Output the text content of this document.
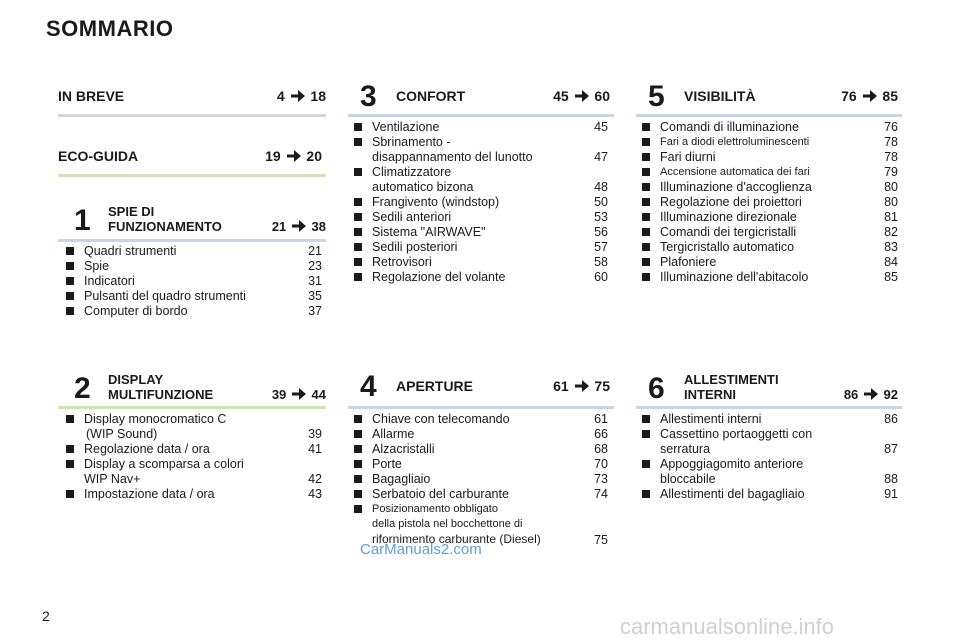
SOMMARIO
IN BREVE	4 18
ECO-GUIDA	19 20
1 SPIE DI
FUNZIONAMENTO	21 38
Quadri strumenti	21
Spie	23
Indicatori	31
Pulsanti del quadro strumenti	35
Computer di bordo	37
2 DISPLAY
MULTIFUNZIONE	39 44
Display monocromatico C
(WIP Sound)	39
Regolazione data / ora	41
Display a scomparsa a colori
WIP Nav+	42
Impostazione data / ora	43
3 CONFORT	45 60
Ventilazione	45
Sbrinamento -
disappannamento del lunotto	47
Climatizzatore
automatico bizona	48
Frangivento (windstop)	50
Sedili anteriori	53
Sistema "AIRWAVE"	56
Sedili posteriori	57
Retrovisori	58
Regolazione del volante	60
4 APERTURE	61 75
Chiave con telecomando	61
Allarme	66
Alzacristalli	68
Porte	70
Bagagliaio	73
Serbatoio del carburante	74
Posizionamento obbligato
della pistola nel bocchettone di
rifornimento carburante (Diesel)	75
5 VISIBILITÀ	76 85
Comandi di illuminazione	76
Fari a diodi elettroluminescenti	78
Fari diurni	78
Accensione automatica dei fari	79
Illuminazione d'accoglienza	80
Regolazione dei proiettori	80
Illuminazione direzionale	81
Comandi dei tergicristalli	82
Tergicristallo automatico	83
Plafoniere	84
Illuminazione dell'abitacolo	85
6 ALLESTIMENTI
INTERNI	86 92
Allestimenti interni	86
Cassettino portaoggetti con
serratura	87
Appoggiagomito anteriore
bloccabile	88
Allestimenti del bagagliaio	91
2
CarManuals2.com
carmanualsonline.info
